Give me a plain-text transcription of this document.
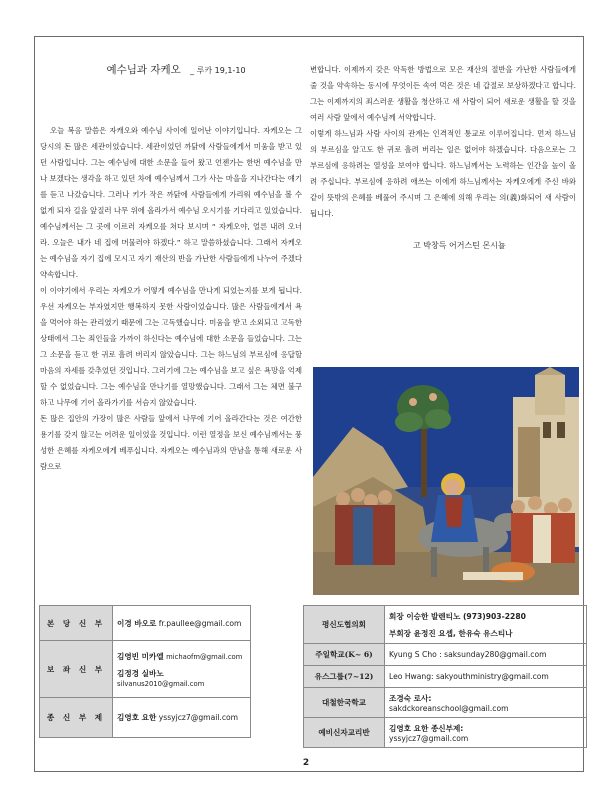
예수님과 자케오 _ 루카 19,1-10

오늘 복음 말씀은 자캐오와 예수님 사이에 일어난 이야기입니다. 자케오는 그 당시의 돈 많은 세관이었습니다. 세관이었던 까닭에 사람들에게서 미움을 받고 있던 사람입니다. 그는 예수님에 대한 소문을 들어 왔고 언젠가는 한번 예수님을 만나 보겠다는 생각을 하고 있던 차에 예수님께서 그가 사는 마을을 지나간다는 얘기를 듣고 나갔습니다. 그러나 키가 작은 까닭에 사람들에게 가리워 예수님을 볼 수 없게 되자 길을 앞질러 나무 위에 올라가서 예수님 오시기를 기다리고 있었습니다. 예수님께서는 그 곳에 이르러 자케오를 쳐다 보시며 “ 자케오야, 얼른 내려 오너라. 오늘은 내가 네 집에 머물러야 하겠다.” 하고 말씀하셨습니다. 그래서 자케오는 예수님을 자기 집에 모시고 자기 재산의 반을 가난한 사람들에게 나누어 주겠다 약속합니다.

이 이야기에서 우리는 자케오가 어떻게 예수님을 만나게 되었는지를 보게 됩니다. 우선 자케오는 부자였지만 행복하지 못한 사람이었습니다. 많은 사람들에게서 욕을 먹어야 하는 관리였기 때문에 그는 고독했습니다. 미움을 받고 소외되고 고독한 상태에서 그는 죄인들을 가까이 하신다는 예수님에 대한 소문을 들었습니다. 그는 그 소문을 듣고 한 귀로 흘려 버리지 않았습니다. 그는 하느님의 부르심에 응답할 마음의 자세를 갖추었던 것입니다. 그러기에 그는 예수님을 보고 싶은 욕망을 억제할 수 없었습니다. 그는 예수님을 만나기를 열망했습니다. 그래서 그는 체면 불구하고 나무에 기어 올라가기를 서슴지 않았습니다.

돈 많은 집안의 가장이 많은 사람들 앞에서 나무에 기어 올라간다는 것은 여간한 용기를 갖지 않고는 어려운 일이었을 것입니다. 이런 열정을 보신 예수님께서는 풍성한 은혜를 자케오에게 베푸십니다. 자케오는 예수님과의 만남을 통해 새로운 사람으로

변합니다. 이제까지 갖은 악독한 방법으로 모은 재산의 절반을 가난한 사람들에게 줄 것을 약속하는 동시에 무엇이든 속여 먹은 것은 네 갑절로 보상하겠다고 합니다. 그는 이제까지의 죄스러운 생활을 청산하고 새 사람이 되어 새로운 생활을 할 것을 여러 사람 앞에서 예수님께 서약합니다.

이렇게 하느님과 사람 사이의 관계는 인격적인 통교로 이루어집니다. 먼저 하느님의 부르심을 알고도 한 귀로 흘려 버리는 일은 없어야 하겠습니다. 다음으로는 그 부르심에 응하려는 열성을 보여야 합니다. 하느님께서는 노력하는 인간을 높이 올려 주십니다. 부르심에 응하려 애쓰는 이에게 하느님께서는 자케오에게 주신 바와 같이 뜻밖의 은혜를 베풀어 주시며 그 은혜에 의해 우리는 의(義)화되어 새 사람이 됩니다.

고 박창득 어거스틴 몬시뇰
본 당 신 부	이경 바오로 fr.paullee@gmail.com
보 좌 신 부	김영빈 미카엘 michaofm@gmail.com
김정경 실바노 silvanus2010@gmail.com

종 신 부 제	김영호 요한 yssyjcz7@gmail.com
평신도협의회	회장 이승한 발렌티노 (973)903-2280
부회장 윤정진 요셉, 한유숙 유스티나

주일학교(K~ 6)	Kyung S Cho : saksunday280@gmail.com
유스그룹(7~12)	Leo Hwang: sakyouthministry@gmail.com
대철한국학교	조경숙 로사:
sakdckoreanschool@gmail.com

예비신자교리반	김영호 요한 종신부제:
yssyjcz7@gmail.com
2
